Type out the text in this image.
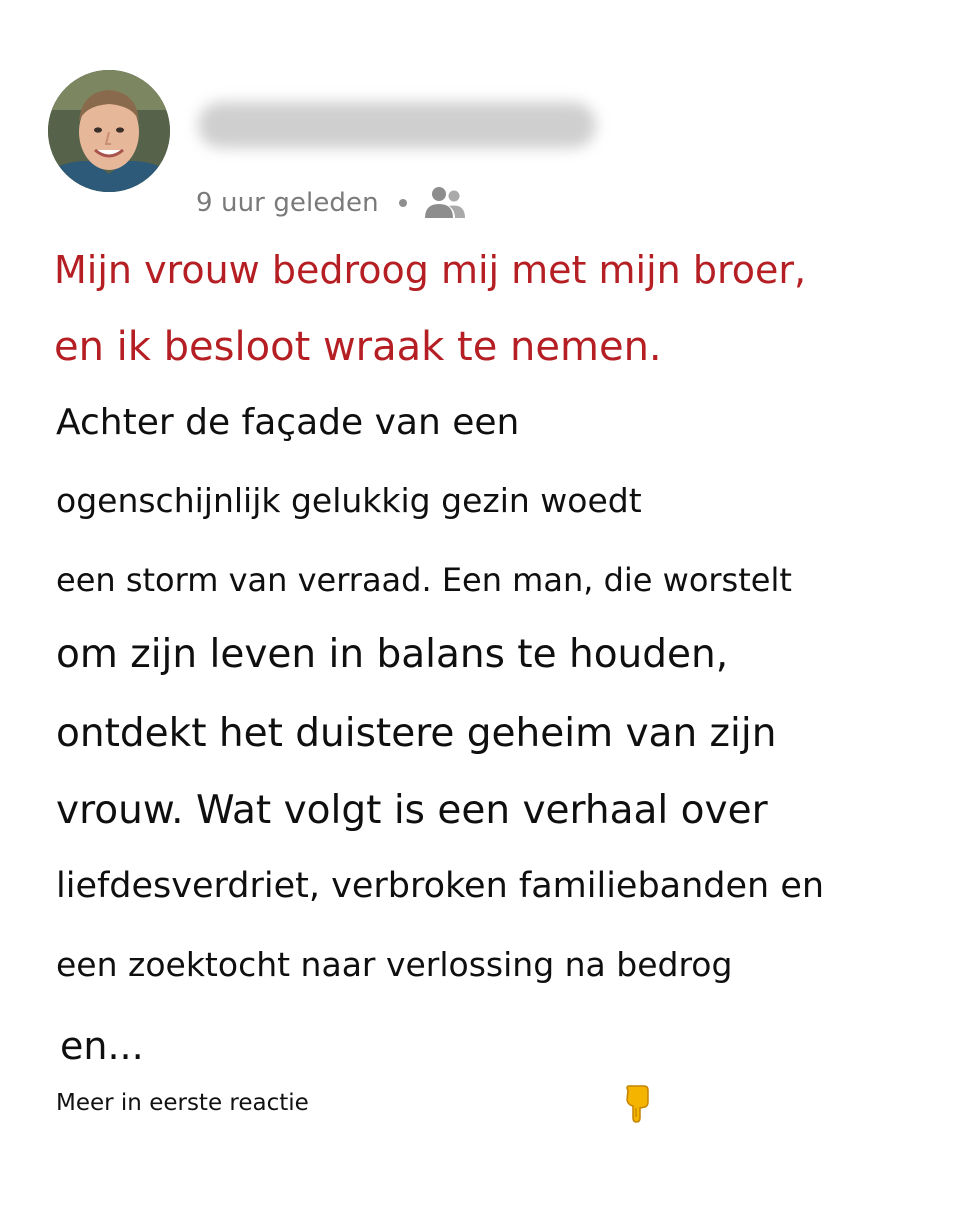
9 uur geleden
Mijn vrouw bedroog mij met mijn broer,
en ik besloot wraak te nemen.
Achter de façade van een
ogenschijnlijk gelukkig gezin woedt
een storm van verraad. Een man, die worstelt
om zijn leven in balans te houden,
ontdekt het duistere geheim van zijn
vrouw. Wat volgt is een verhaal over
liefdesverdriet, verbroken familiebanden en
een zoektocht naar verlossing na bedrog
en...
Meer in eerste reactie
